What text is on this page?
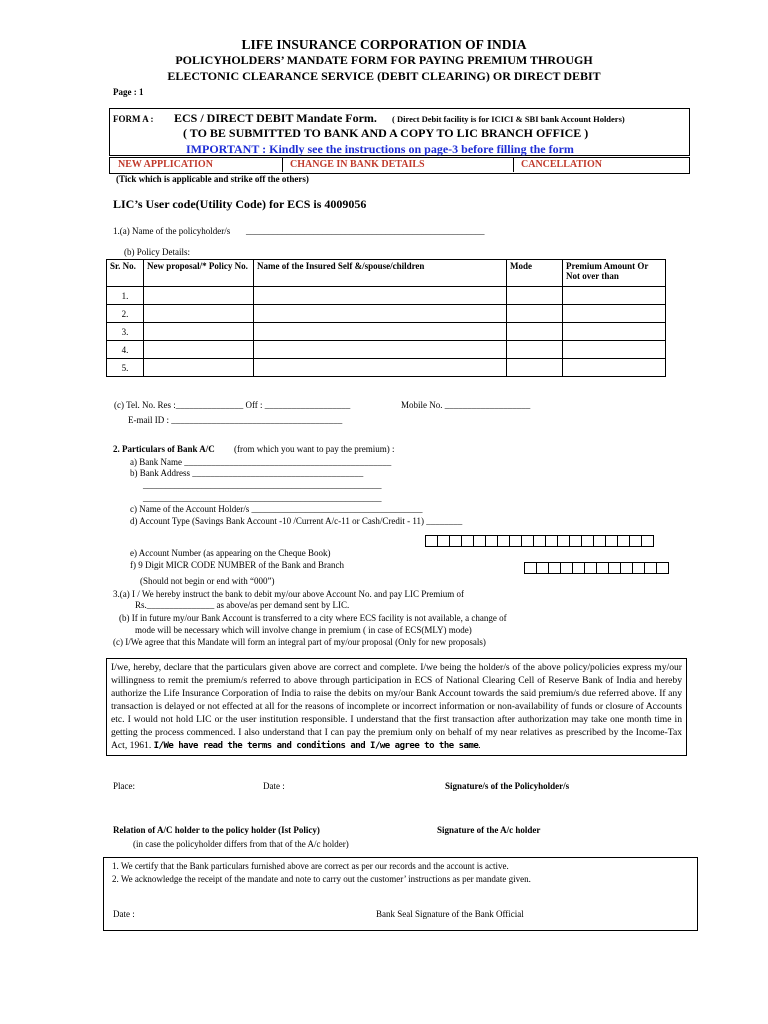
LIFE INSURANCE CORPORATION OF INDIA
POLICYHOLDERS’ MANDATE FORM FOR PAYING PREMIUM THROUGH
ELECTONIC CLEARANCE SERVICE (DEBIT CLEARING) OR DIRECT DEBIT
Page : 1
FORM A : ECS / DIRECT DEBIT Mandate Form. ( Direct Debit facility is for ICICI & SBI bank Account Holders)
( TO BE SUBMITTED TO BANK AND A COPY TO LIC BRANCH OFFICE )
IMPORTANT : Kindly see the instructions on page-3 before filling the form
NEW APPLICATION	CHANGE IN BANK DETAILS	CANCELLATION
(Tick which is applicable and strike off the others)
LIC’s User code(Utility Code) for ECS is 4009056
1.(a) Name of the policyholder/s _____________________________________________________
(b) Policy Details:
Sr. No.	New proposal/* Policy No.	Name of the Insured Self &/spouse/children	Mode	Premium Amount Or Not over than
1.				
2.				
3.				
4.				
5.				
(c) Tel. No. Res :_______________ Off : ___________________	Mobile No. ___________________
E-mail ID : ______________________________________
2. Particulars of Bank A/C (from which you want to pay the premium) :
a) Bank Name ______________________________________________
b) Bank Address ______________________________________
_____________________________________________________
_____________________________________________________
c) Name of the Account Holder/s ______________________________________
d) Account Type (Savings Bank Account -10 /Current A/c-11 or Cash/Credit - 11) ________
e) Account Number (as appearing on the Cheque Book)
f) 9 Digit MICR CODE NUMBER of the Bank and Branch
(Should not begin or end with “000”)
3.(a) I / We hereby instruct the bank to debit my/our above Account No. and pay LIC Premium of
Rs._______________ as above/as per demand sent by LIC.
(b) If in future my/our Bank Account is transferred to a city where ECS facility is not available, a change of
mode will be necessary which will involve change in premium ( in case of ECS(MLY) mode)
(c) I/We agree that this Mandate will form an integral part of my/our proposal (Only for new proposals)
I/we, hereby, declare that the particulars given above are correct and complete. I/we being the holder/s of the above policy/policies express my/our willingness to remit the premium/s referred to above through participation in ECS of National Clearing Cell of Reserve Bank of India and hereby authorize the Life Insurance Corporation of India to raise the debits on my/our Bank Account towards the said premium/s due referred above. If any transaction is delayed or not effected at all for the reasons of incomplete or incorrect information or non-availability of funds or closure of Accounts etc. I would not hold LIC or the user institution responsible. I understand that the first transaction after authorization may take one month time in getting the process commenced. I also understand that I can pay the premium only on behalf of my near relatives as prescribed by the Income-Tax Act, 1961. I/We have read the terms and conditions and I/we agree to the same.
Place:	Date :	Signature/s of the Policyholder/s
Relation of A/C holder to the policy holder (Ist Policy)	Signature of the A/c holder
(in case the policyholder differs from that of the A/c holder)
1. We certify that the Bank particulars furnished above are correct as per our records and the account is active.
2. We acknowledge the receipt of the mandate and note to carry out the customer’ instructions as per mandate given.
Date :	Bank Seal Signature of the Bank Official
